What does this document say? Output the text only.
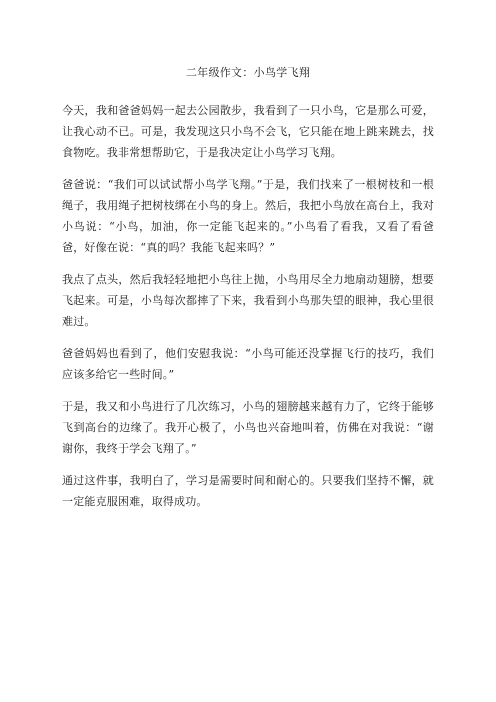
二年级作文：小鸟学飞翔

今天，我和爸爸妈妈一起去公园散步，我看到了一只小鸟，它是那么可爱，让我心动不已。可是，我发现这只小鸟不会飞，它只能在地上跳来跳去，找食物吃。我非常想帮助它，于是我决定让小鸟学习飞翔。

爸爸说：“我们可以试试帮小鸟学飞翔。”于是，我们找来了一根树枝和一根绳子，我用绳子把树枝绑在小鸟的身上。然后，我把小鸟放在高台上，我对小鸟说：“小鸟，加油，你一定能飞起来的。”小鸟看了看我，又看了看爸爸，好像在说：“真的吗？我能飞起来吗？”

我点了点头，然后我轻轻地把小鸟往上抛，小鸟用尽全力地扇动翅膀，想要飞起来。可是，小鸟每次都摔了下来，我看到小鸟那失望的眼神，我心里很难过。

爸爸妈妈也看到了，他们安慰我说：“小鸟可能还没掌握飞行的技巧，我们应该多给它一些时间。”

于是，我又和小鸟进行了几次练习，小鸟的翅膀越来越有力了，它终于能够飞到高台的边缘了。我开心极了，小鸟也兴奋地叫着，仿佛在对我说：“谢谢你，我终于学会飞翔了。”

通过这件事，我明白了，学习是需要时间和耐心的。只要我们坚持不懈，就一定能克服困难，取得成功。
